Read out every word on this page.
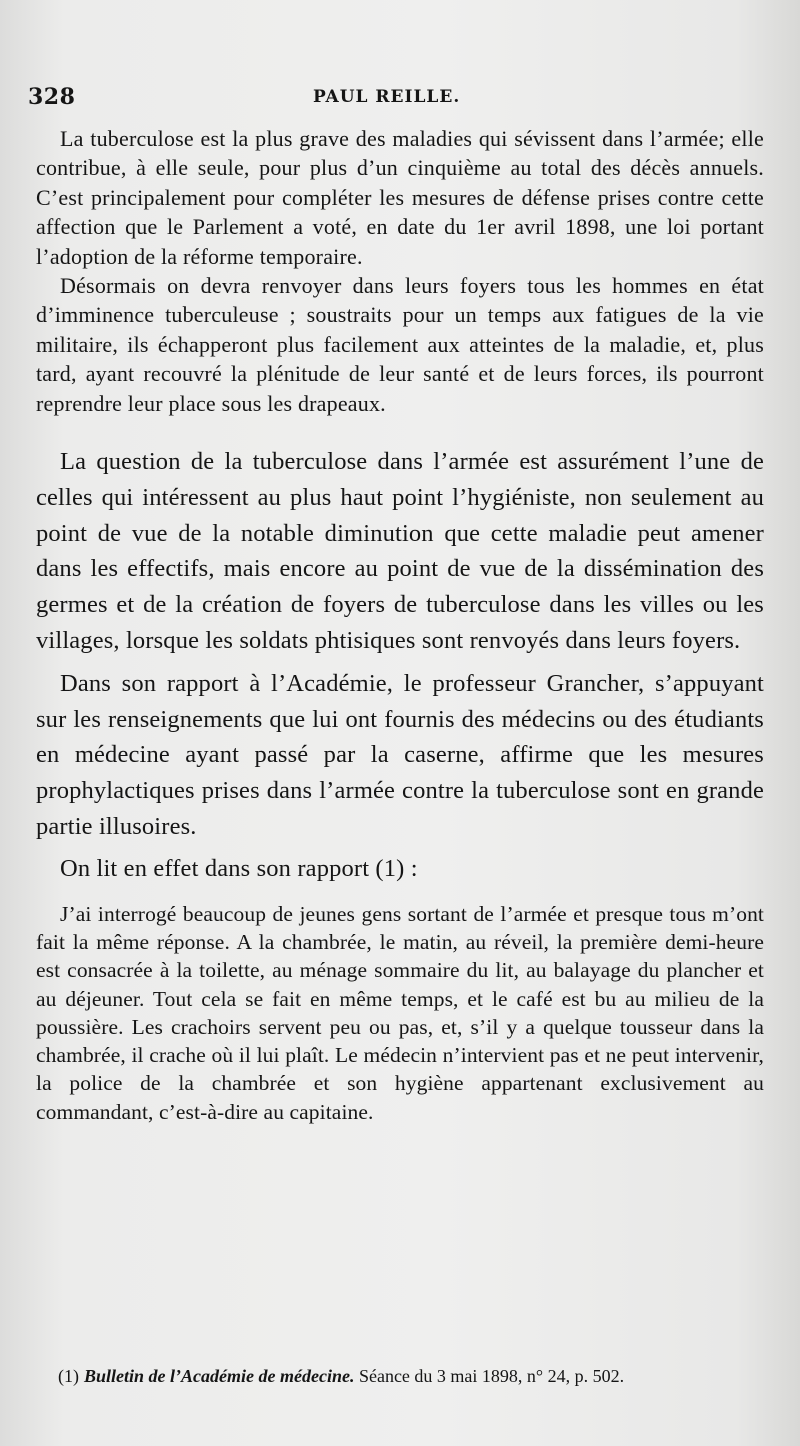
328	PAUL REILLE.

La tuberculose est la plus grave des maladies qui sévissent dans l’armée; elle contribue, à elle seule, pour plus d’un cinquième au total des décès annuels. C’est principalement pour compléter les mesures de défense prises contre cette affection que le Parlement a voté, en date du 1er avril 1898, une loi portant l’adoption de la réforme temporaire.

Désormais on devra renvoyer dans leurs foyers tous les hommes en état d’imminence tuberculeuse ; soustraits pour un temps aux fatigues de la vie militaire, ils échapperont plus facilement aux atteintes de la maladie, et, plus tard, ayant recouvré la plénitude de leur santé et de leurs forces, ils pourront reprendre leur place sous les drapeaux.

La question de la tuberculose dans l’armée est assurément l’une de celles qui intéressent au plus haut point l’hygiéniste, non seulement au point de vue de la notable diminution que cette maladie peut amener dans les effectifs, mais encore au point de vue de la dissémination des germes et de la création de foyers de tuberculose dans les villes ou les villages, lorsque les soldats phtisiques sont renvoyés dans leurs foyers.

Dans son rapport à l’Académie, le professeur Grancher, s’appuyant sur les renseignements que lui ont fournis des médecins ou des étudiants en médecine ayant passé par la caserne, affirme que les mesures prophylactiques prises dans l’armée contre la tuberculose sont en grande partie illusoires.

On lit en effet dans son rapport (1) :

J’ai interrogé beaucoup de jeunes gens sortant de l’armée et presque tous m’ont fait la même réponse. A la chambrée, le matin, au réveil, la première demi-heure est consacrée à la toilette, au ménage sommaire du lit, au balayage du plancher et au déjeuner. Tout cela se fait en même temps, et le café est bu au milieu de la poussière. Les crachoirs servent peu ou pas, et, s’il y a quelque tousseur dans la chambrée, il crache où il lui plaît. Le médecin n’intervient pas et ne peut intervenir, la police de la chambrée et son hygiène appartenant exclusivement au commandant, c’est-à-dire au capitaine.

(1) Bulletin de l’Académie de médecine. Séance du 3 mai 1898, n° 24, p. 502.
